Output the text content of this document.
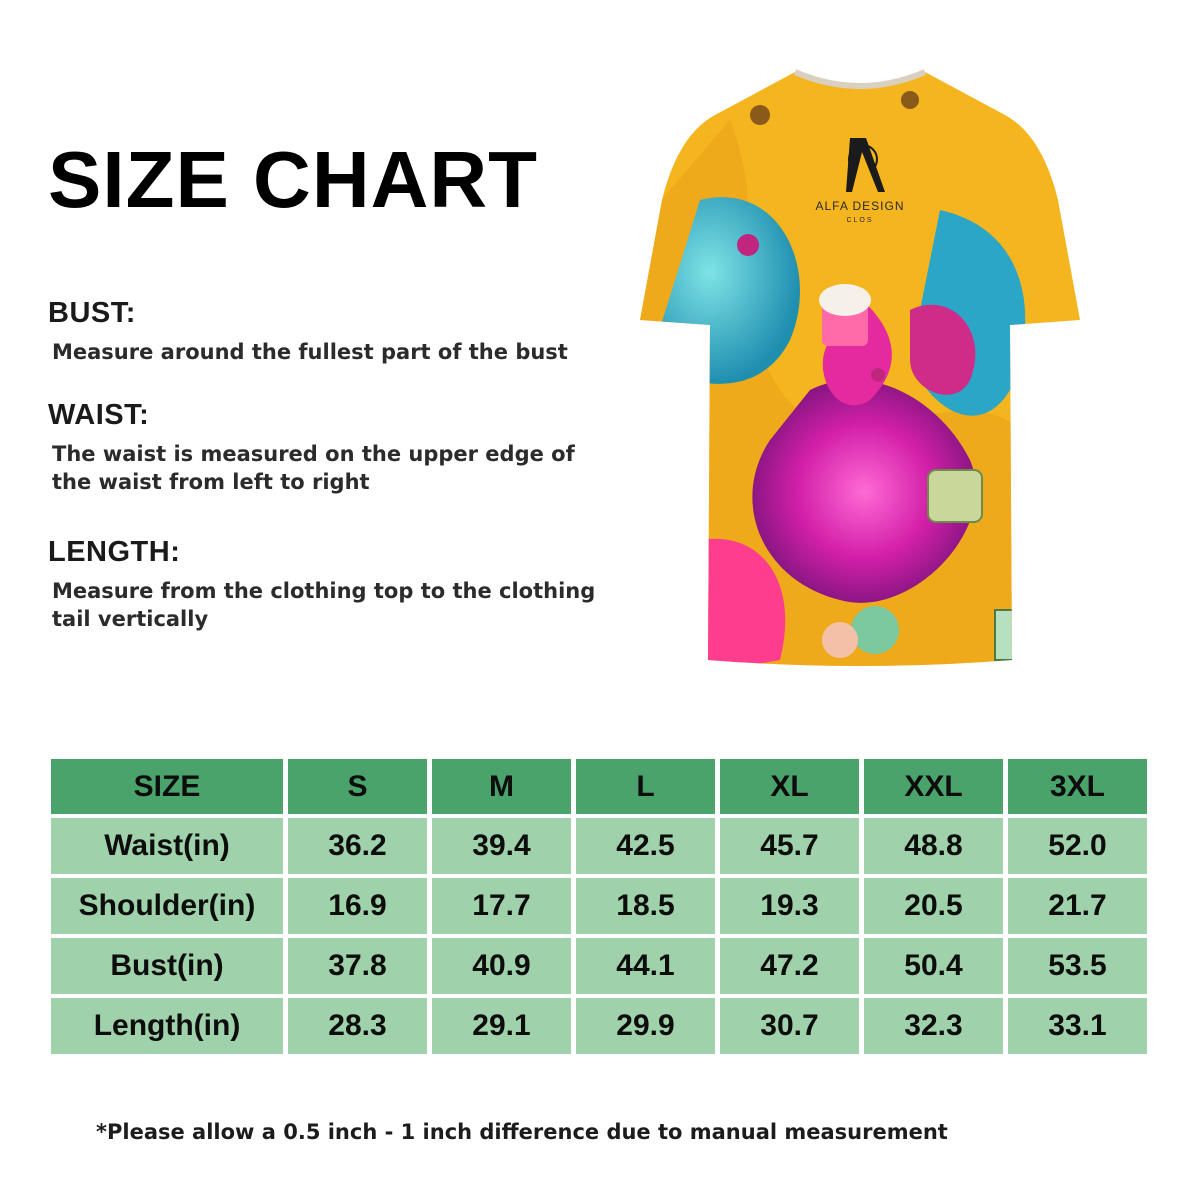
SIZE CHART
BUST:

Measure around the fullest part of the bust

WAIST:

The waist is measured on the upper edge of the waist from left to right

LENGTH:

Measure from the clothing top to the clothing tail vertically

ALFA DESIGN
CLOS
SIZE	S	M	L	XL	XXL	3XL
Waist(in)	36.2	39.4	42.5	45.7	48.8	52.0
Shoulder(in)	16.9	17.7	18.5	19.3	20.5	21.7
Bust(in)	37.8	40.9	44.1	47.2	50.4	53.5
Length(in)	28.3	29.1	29.9	30.7	32.3	33.1

*Please allow a 0.5 inch - 1 inch difference due to manual measurement
